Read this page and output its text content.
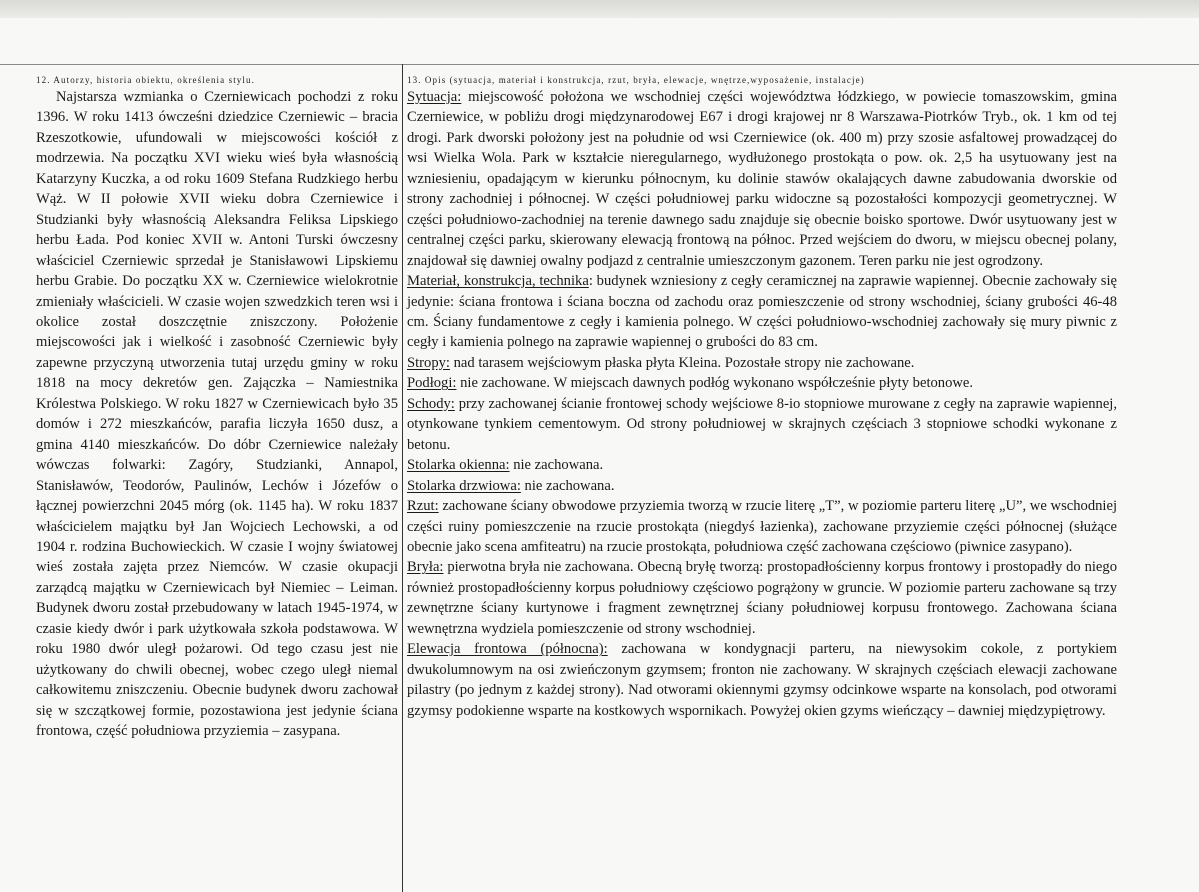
12. Autorzy, historia obiektu, określenia stylu.

Najstarsza wzmianka o Czerniewicach pochodzi z roku 1396. W roku 1413 ówcześni dziedzice Czerniewic – bracia Rzeszotkowie, ufundowali w miejscowości kościół z modrzewia. Na początku XVI wieku wieś była własnością Katarzyny Kuczka, a od roku 1609 Stefana Rudzkiego herbu Wąż. W II połowie XVII wieku dobra Czerniewice i Studzianki były własnością Aleksandra Feliksa Lipskiego herbu Łada. Pod koniec XVII w. Antoni Turski ówczesny właściciel Czerniewic sprzedał je Stanisławowi Lipskiemu herbu Grabie. Do początku XX w. Czerniewice wielokrotnie zmieniały właścicieli. W czasie wojen szwedzkich teren wsi i okolice został doszczętnie zniszczony. Położenie miejscowości jak i wielkość i zasobność Czerniewic były zapewne przyczyną utworzenia tutaj urzędu gminy w roku 1818 na mocy dekretów gen. Zajączka – Namiestnika Królestwa Polskiego. W roku 1827 w Czerniewicach było 35 domów i 272 mieszkańców, parafia liczyła 1650 dusz, a gmina 4140 mieszkańców. Do dóbr Czerniewice należały wówczas folwarki: Zagóry, Studzianki, Annapol, Stanisławów, Teodorów, Paulinów, Lechów i Józefów o łącznej powierzchni 2045 mórg (ok. 1145 ha). W roku 1837 właścicielem majątku był Jan Wojciech Lechowski, a od 1904 r. rodzina Buchowieckich. W czasie I wojny światowej wieś została zajęta przez Niemców. W czasie okupacji zarządcą majątku w Czerniewicach był Niemiec – Leiman. Budynek dworu został przebudowany w latach 1945-1974, w czasie kiedy dwór i park użytkowała szkoła podstawowa. W roku 1980 dwór uległ pożarowi. Od tego czasu jest nie użytkowany do chwili obecnej, wobec czego uległ niemal całkowitemu zniszczeniu. Obecnie budynek dworu zachował się w szczątkowej formie, pozostawiona jest jedynie ściana frontowa, część południowa przyziemia – zasypana.

13. Opis (sytuacja, materiał i konstrukcja, rzut, bryła, elewacje, wnętrze,wyposażenie, instalacje)

Sytuacja: miejscowość położona we wschodniej części województwa łódzkiego, w powiecie tomaszowskim, gmina Czerniewice, w pobliżu drogi międzynarodowej E67 i drogi krajowej nr 8 Warszawa-Piotrków Tryb., ok. 1 km od tej drogi. Park dworski położony jest na południe od wsi Czerniewice (ok. 400 m) przy szosie asfaltowej prowadzącej do wsi Wielka Wola. Park w kształcie nieregularnego, wydłużonego prostokąta o pow. ok. 2,5 ha usytuowany jest na wzniesieniu, opadającym w kierunku północnym, ku dolinie stawów okalających dawne zabudowania dworskie od strony zachodniej i północnej. W części południowej parku widoczne są pozostałości kompozycji geometrycznej. W części południowo-zachodniej na terenie dawnego sadu znajduje się obecnie boisko sportowe. Dwór usytuowany jest w centralnej części parku, skierowany elewacją frontową na północ. Przed wejściem do dworu, w miejscu obecnej polany, znajdował się dawniej owalny podjazd z centralnie umieszczonym gazonem. Teren parku nie jest ogrodzony.

Materiał, konstrukcja, technika: budynek wzniesiony z cegły ceramicznej na zaprawie wapiennej. Obecnie zachowały się jedynie: ściana frontowa i ściana boczna od zachodu oraz pomieszczenie od strony wschodniej, ściany grubości 46-48 cm. Ściany fundamentowe z cegły i kamienia polnego. W części południowo-wschodniej zachowały się mury piwnic z cegły i kamienia polnego na zaprawie wapiennej o grubości do 83 cm.

Stropy: nad tarasem wejściowym płaska płyta Kleina. Pozostałe stropy nie zachowane.

Podłogi: nie zachowane. W miejscach dawnych podłóg wykonano współcześnie płyty betonowe.

Schody: przy zachowanej ścianie frontowej schody wejściowe 8-io stopniowe murowane z cegły na zaprawie wapiennej, otynkowane tynkiem cementowym. Od strony południowej w skrajnych częściach 3 stopniowe schodki wykonane z betonu.

Stolarka okienna: nie zachowana.

Stolarka drzwiowa: nie zachowana.

Rzut: zachowane ściany obwodowe przyziemia tworzą w rzucie literę „T”, w poziomie parteru literę „U”, we wschodniej części ruiny pomieszczenie na rzucie prostokąta (niegdyś łazienka), zachowane przyziemie części północnej (służące obecnie jako scena amfiteatru) na rzucie prostokąta, południowa część zachowana częściowo (piwnice zasypano).

Bryła: pierwotna bryła nie zachowana. Obecną bryłę tworzą: prostopadłościenny korpus frontowy i prostopadły do niego również prostopadłościenny korpus południowy częściowo pogrążony w gruncie. W poziomie parteru zachowane są trzy zewnętrzne ściany kurtynowe i fragment zewnętrznej ściany południowej korpusu frontowego. Zachowana ściana wewnętrzna wydziela pomieszczenie od strony wschodniej.

Elewacja frontowa (północna): zachowana w kondygnacji parteru, na niewysokim cokole, z portykiem dwukolumnowym na osi zwieńczonym gzymsem; fronton nie zachowany. W skrajnych częściach elewacji zachowane pilastry (po jednym z każdej strony). Nad otworami okiennymi gzymsy odcinkowe wsparte na konsolach, pod otworami gzymsy podokienne wsparte na kostkowych wspornikach. Powyżej okien gzyms wieńczący – dawniej międzypiętrowy.
